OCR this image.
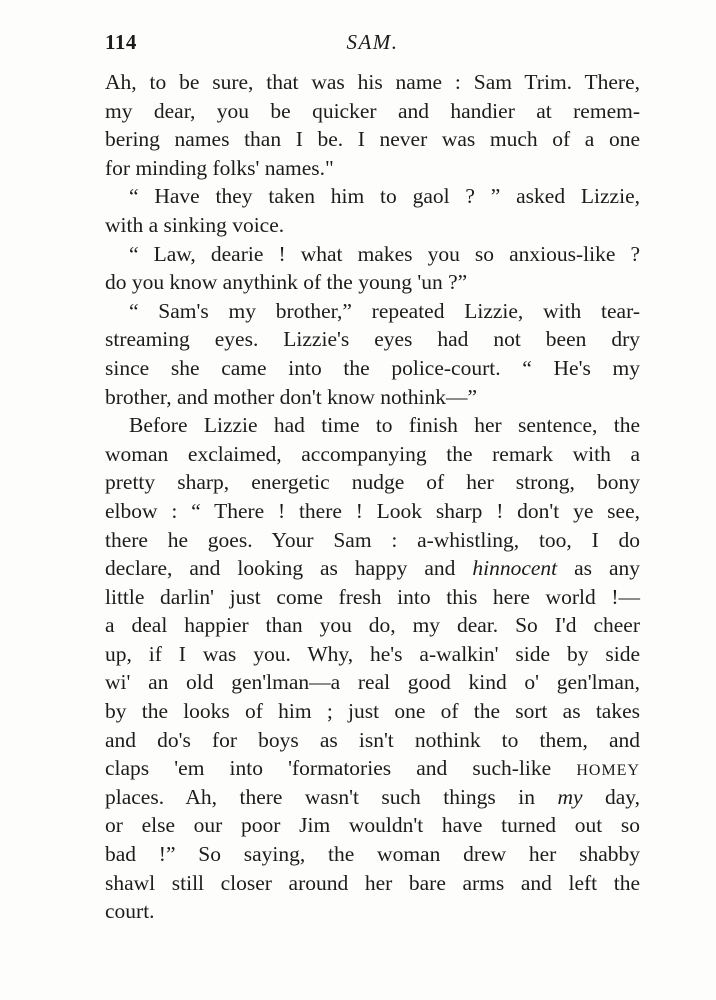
114	SAM.
Ah, to be sure, that was his name : Sam Trim. There,
my dear, you be quicker and handier at remem-
bering names than I be. I never was much of a one
for minding folks' names."
“ Have they taken him to gaol ? ” asked Lizzie,
with a sinking voice.
“ Law, dearie ! what makes you so anxious-like ?
do you know anythink of the young 'un ?”
“ Sam's my brother,” repeated Lizzie, with tear-
streaming eyes. Lizzie's eyes had not been dry
since she came into the police-court. “ He's my
brother, and mother don't know nothink—”
Before Lizzie had time to finish her sentence, the
woman exclaimed, accompanying the remark with a
pretty sharp, energetic nudge of her strong, bony
elbow : “ There ! there ! Look sharp ! don't ye see,
there he goes. Your Sam : a-whistling, too, I do
declare, and looking as happy and hinnocent as any
little darlin' just come fresh into this here world !—
a deal happier than you do, my dear. So I'd cheer
up, if I was you. Why, he's a-walkin' side by side
wi' an old gen'lman—a real good kind o' gen'lman,
by the looks of him ; just one of the sort as takes
and do's for boys as isn't nothink to them, and
claps 'em into 'formatories and such-like HOMEY
places. Ah, there wasn't such things in my day,
or else our poor Jim wouldn't have turned out so
bad !” So saying, the woman drew her shabby
shawl still closer around her bare arms and left the
court.
